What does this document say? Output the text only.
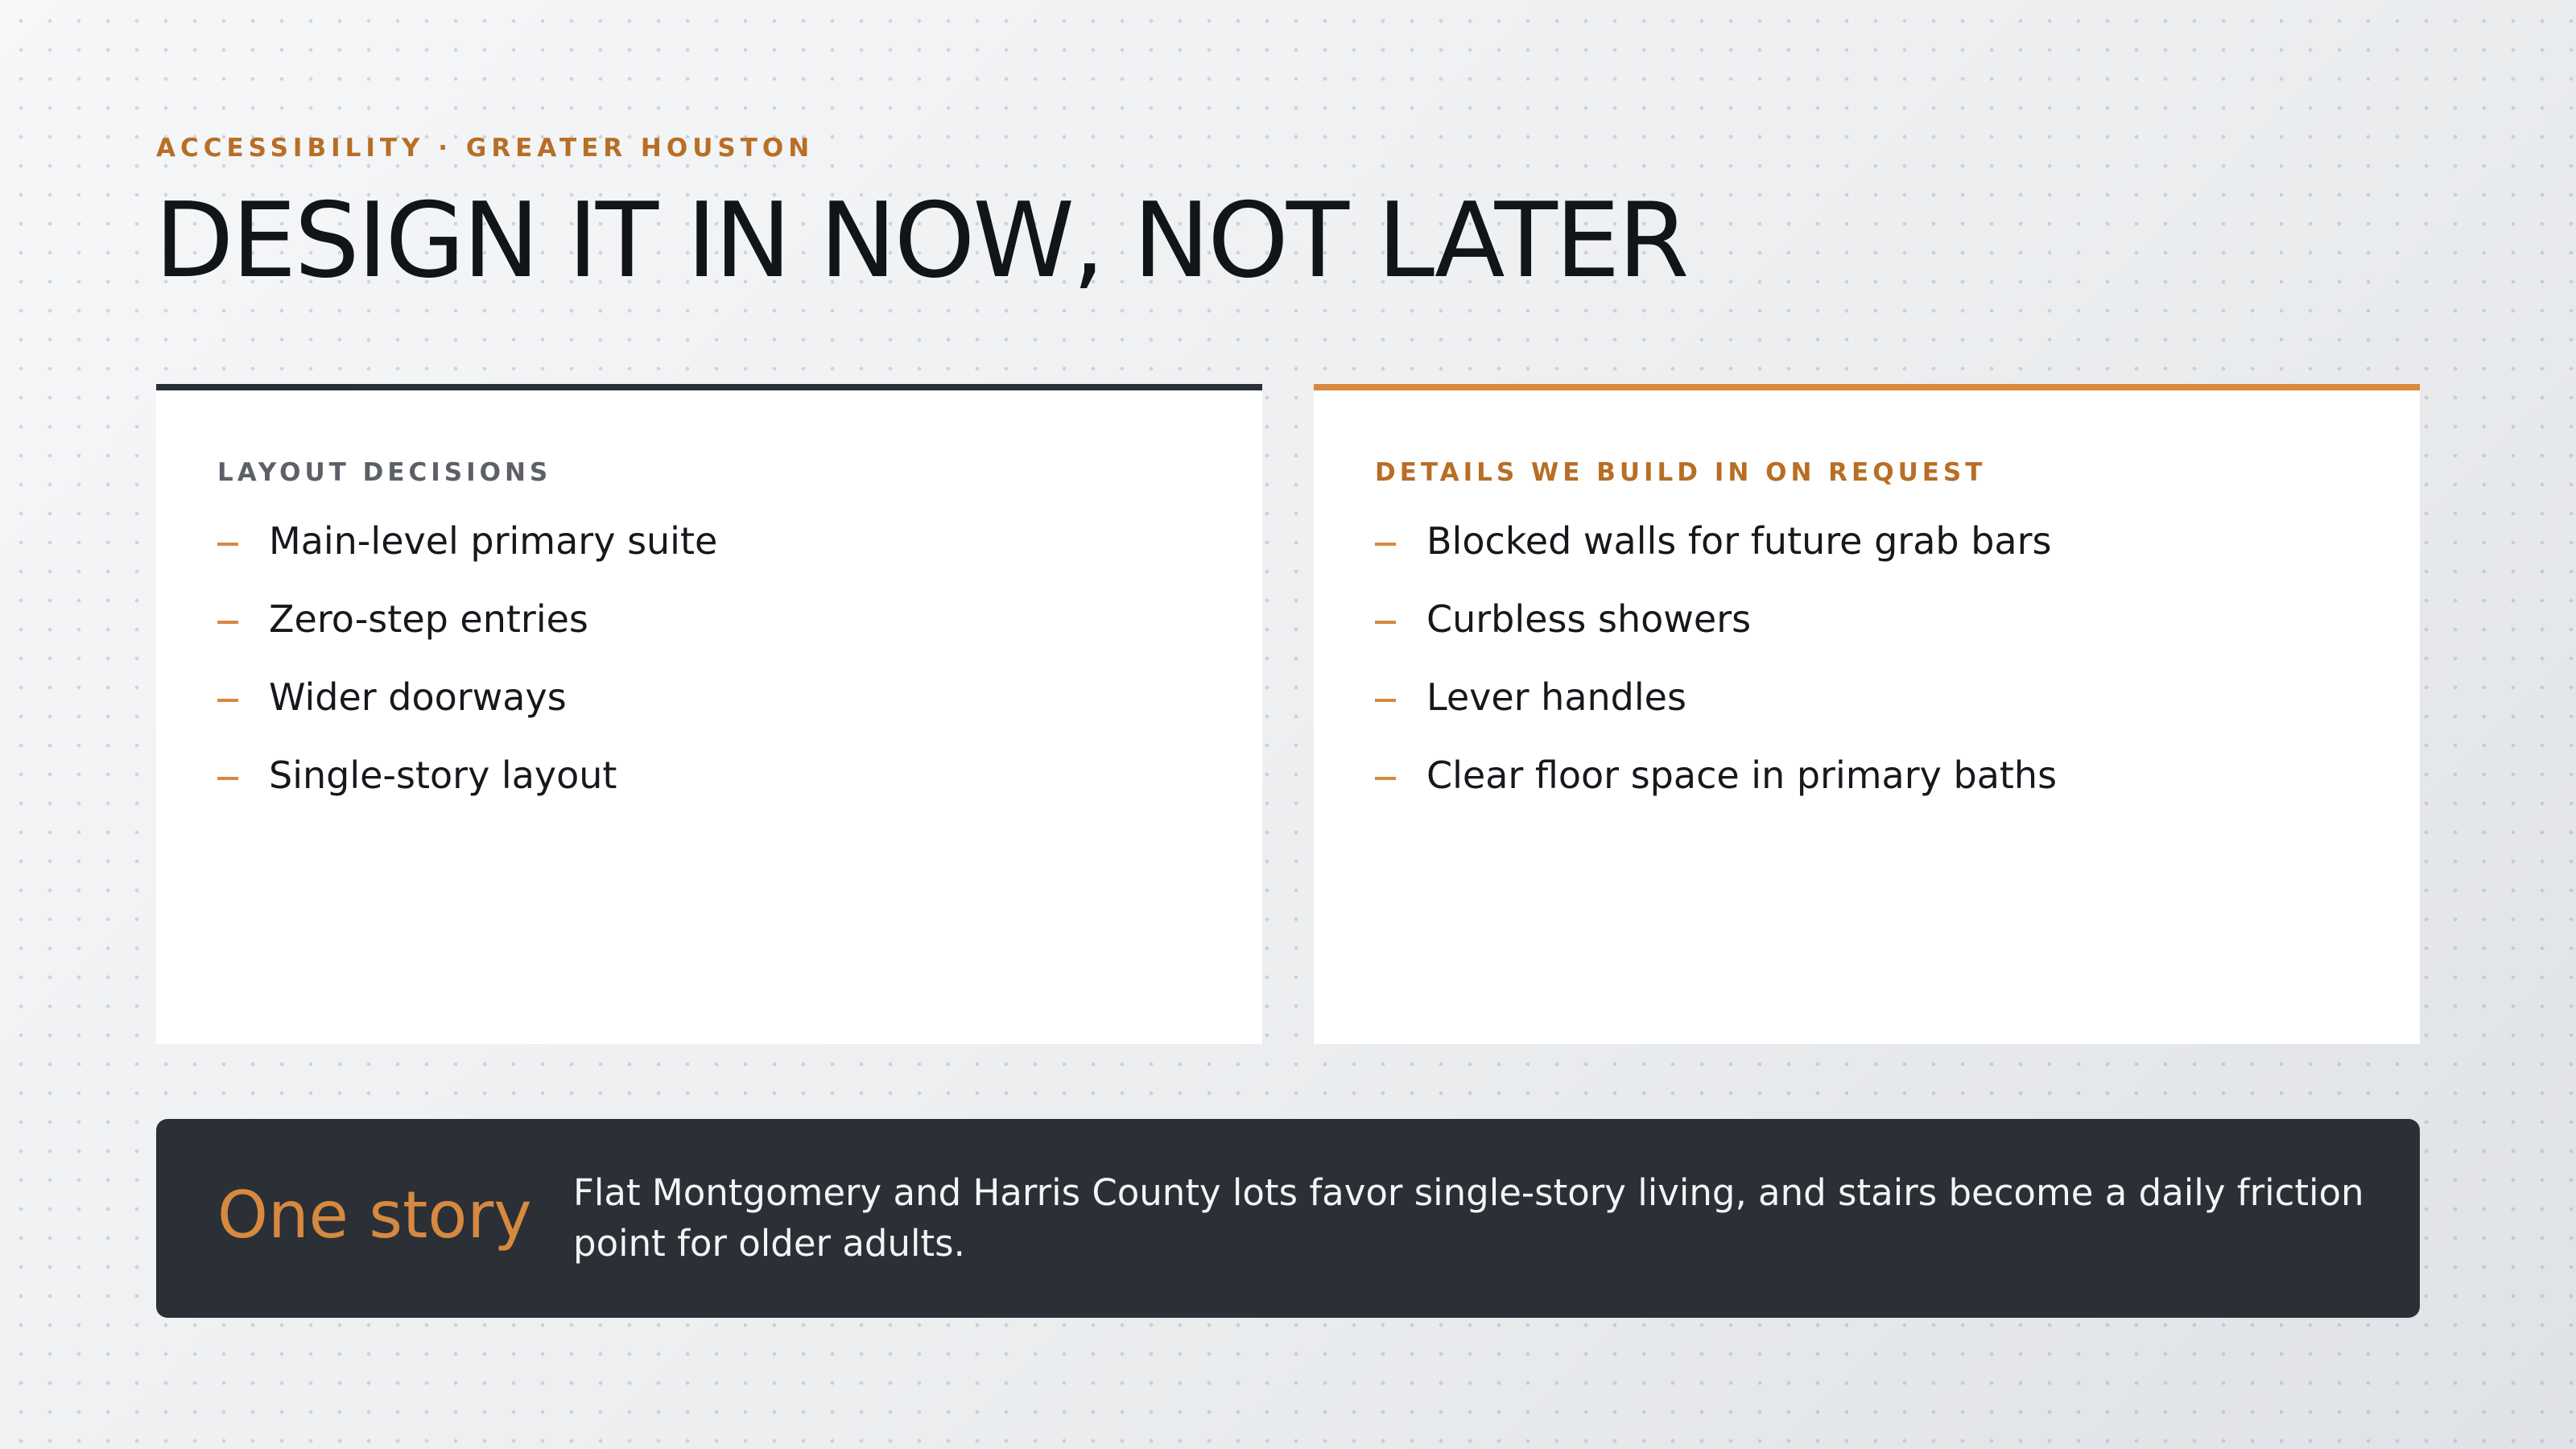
ACCESSIBILITY · GREATER HOUSTON
DESIGN IT IN NOW, NOT LATER
LAYOUT DECISIONS
Main-level primary suite
Zero-step entries
Wider doorways
Single-story layout
DETAILS WE BUILD IN ON REQUEST
Blocked walls for future grab bars
Curbless showers
Lever handles
Clear floor space in primary baths
One story Flat Montgomery and Harris County lots favor single-story living, and stairs become a daily friction point for older adults.
